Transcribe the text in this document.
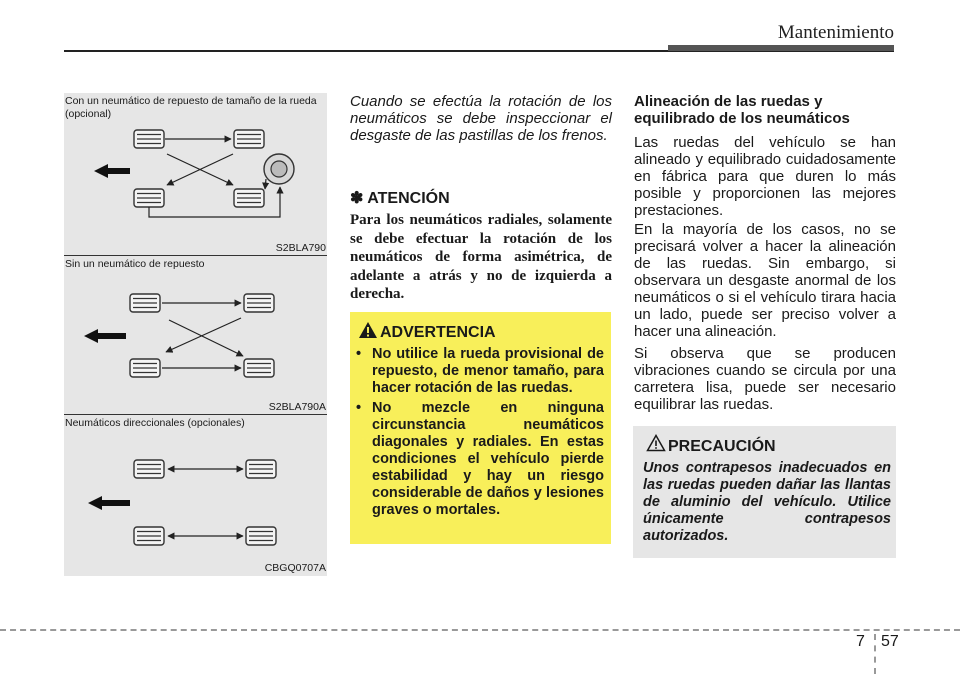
Mantenimiento
Con un neumático de repuesto de tamaño de la rueda (opcional)
S2BLA790
Sin un neumático de repuesto
S2BLA790A
Neumáticos direccionales (opcionales)
CBGQ0707A
Cuando se efectúa la rotación de los neumáticos se debe inspeccionar el desgaste de las pastillas de los frenos.
✽ ATENCIÓN
Para los neumáticos radiales, solamente se debe efectuar la rotación de los neumáticos de forma asimétrica, de adelante a atrás y no de izquierda a derecha.
ADVERTENCIA
• No utilice la rueda provisional de repuesto, de menor tamaño, para hacer rotación de las ruedas.
• No mezcle en ninguna circunstancia neumáticos diagonales y radiales. En estas condiciones el vehículo pierde estabilidad y hay un riesgo considerable de daños y lesiones graves o mortales.
Alineación de las ruedas y equilibrado de los neumáticos
Las ruedas del vehículo se han alineado y equilibrado cuidadosamente en fábrica para que duren lo más posible y proporcionen las mejores prestaciones.
En la mayoría de los casos, no se precisará volver a hacer la alineación de las ruedas. Sin embargo, si observara un desgaste anormal de los neumáticos o si el vehículo tirara hacia un lado, puede ser preciso volver a hacer una alineación.
Si observa que se producen vibraciones cuando se circula por una carretera lisa, puede ser necesario equilibrar las ruedas.
PRECAUCIÓN
Unos contrapesos inadecuados en las ruedas pueden dañar las llantas de aluminio del vehículo. Utilice únicamente contrapesos autorizados.
7 57
